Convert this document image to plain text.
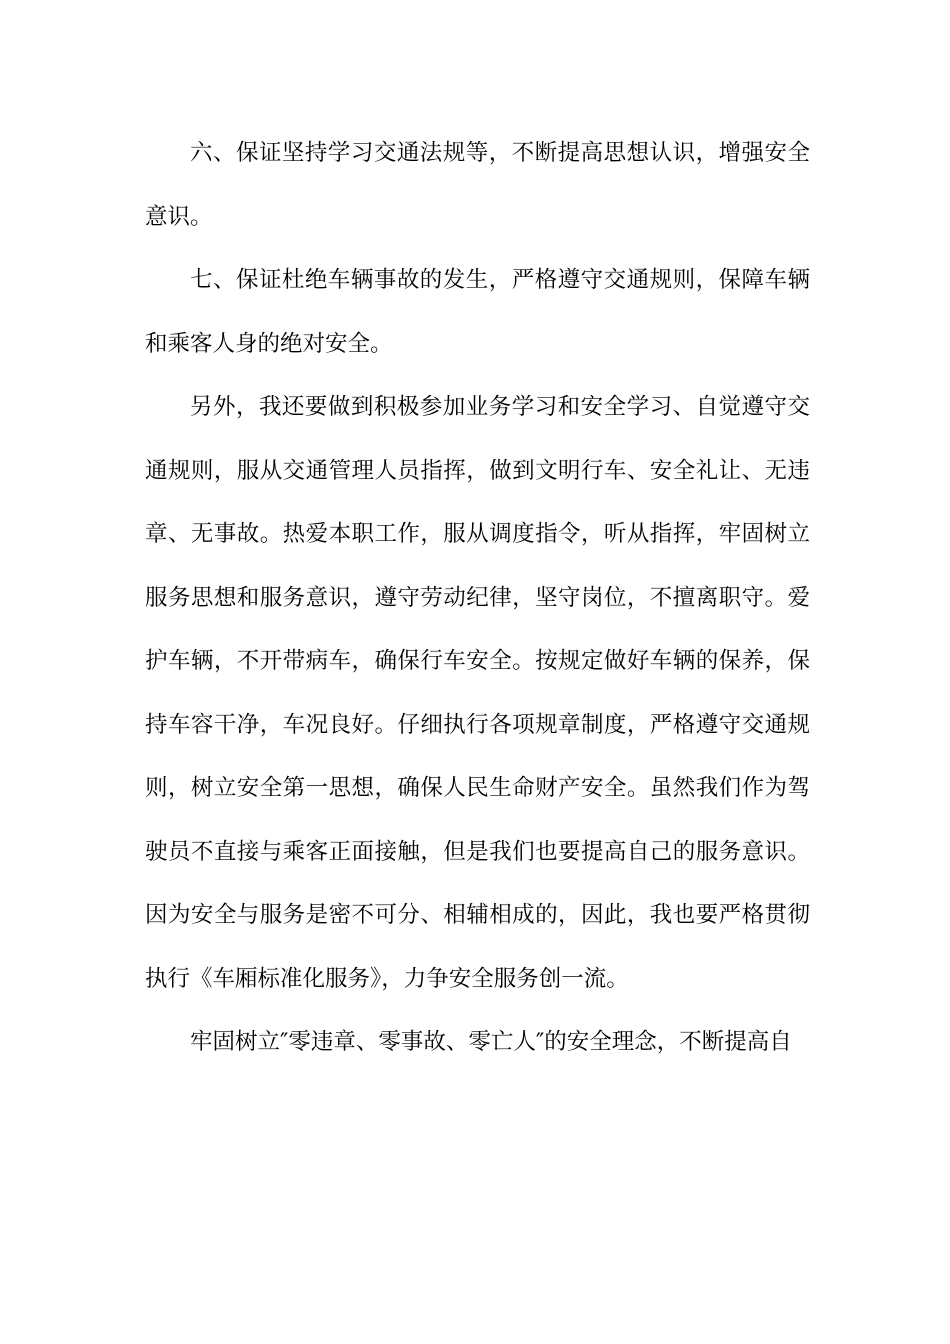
六、保证坚持学习交通法规等，不断提高思想认识，增强安全意识。

七、保证杜绝车辆事故的发生，严格遵守交通规则，保障车辆和乘客人身的绝对安全。

另外，我还要做到积极参加业务学习和安全学习、自觉遵守交通规则，服从交通管理人员指挥，做到文明行车、安全礼让、无违章、无事故。热爱本职工作，服从调度指令，听从指挥，牢固树立服务思想和服务意识，遵守劳动纪律，坚守岗位，不擅离职守。爱护车辆，不开带病车，确保行车安全。按规定做好车辆的保养，保持车容干净，车况良好。仔细执行各项规章制度，严格遵守交通规则，树立安全第一思想，确保人民生命财产安全。虽然我们作为驾驶员不直接与乘客正面接触，但是我们也要提高自己的服务意识。因为安全与服务是密不可分、相辅相成的，因此，我也要严格贯彻执行《车厢标准化服务》，力争安全服务创一流。

牢固树立″零违章、零事故、零亡人″的安全理念，不断提高自
